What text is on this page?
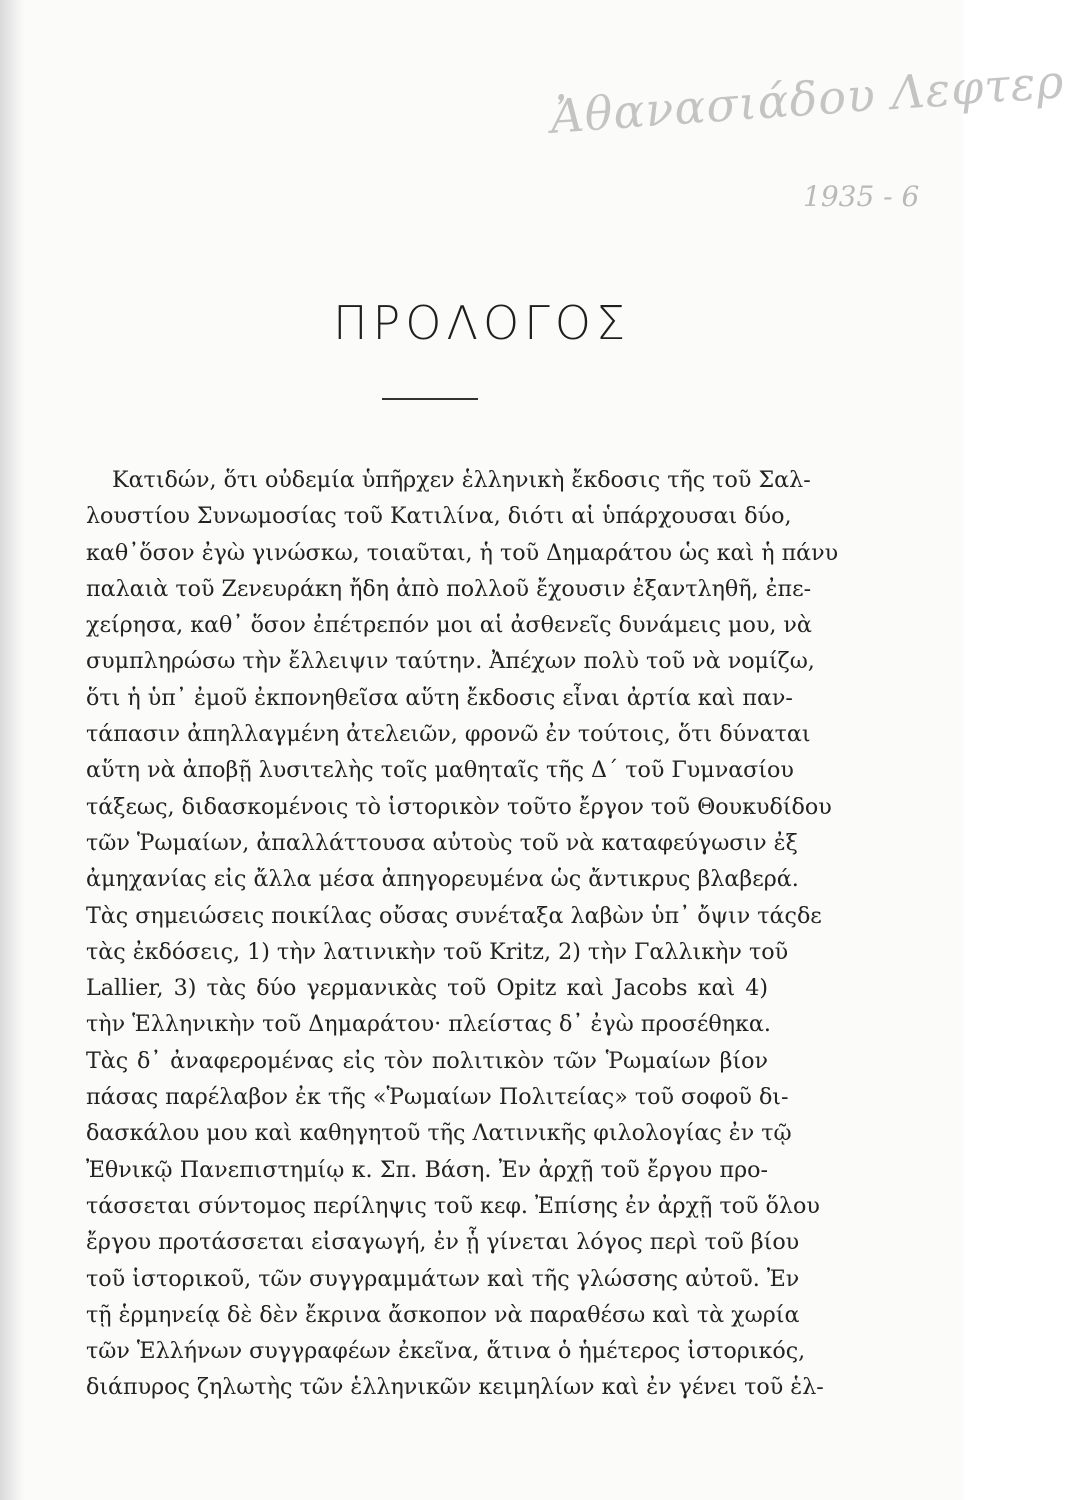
Ἀθανασιάδου Λεφτερ
1935 - 6
ΠΡΟΛΟΓΟΣ
Κατιδών, ὅτι οὐδεμία ὑπῆρχεν ἑλληνικὴ ἔκδοσις τῆς τοῦ Σαλ-
λουστίου Συνωμοσίας τοῦ Κατιλίνα, διότι αἱ ὑπάρχουσαι δύο,
καθ᾽ὅσον ἐγὼ γινώσκω, τοιαῦται, ἡ τοῦ Δημαράτου ὡς καὶ ἡ πάνυ
παλαιὰ τοῦ Ζενευράκη ἤδη ἀπὸ πολλοῦ ἔχουσιν ἐξαντληθῆ, ἐπε-
χείρησα, καθ᾽ ὅσον ἐπέτρεπόν μοι αἱ ἀσθενεῖς δυνάμεις μου, νὰ
συμπληρώσω τὴν ἔλλειψιν ταύτην. Ἀπέχων πολὺ τοῦ νὰ νομίζω,
ὅτι ἡ ὑπ᾽ ἐμοῦ ἐκπονηθεῖσα αὕτη ἔκδοσις εἶναι ἀρτία καὶ παν-
τάπασιν ἀπηλλαγμένη ἀτελειῶν, φρονῶ ἐν τούτοις, ὅτι δύναται
αὕτη νὰ ἀποβῇ λυσιτελὴς τοῖς μαθηταῖς τῆς Δ´ τοῦ Γυμνασίου
τάξεως, διδασκομένοις τὸ ἱστορικὸν τοῦτο ἔργον τοῦ Θουκυδίδου
τῶν Ῥωμαίων, ἀπαλλάττουσα αὐτοὺς τοῦ νὰ καταφεύγωσιν ἐξ
ἀμηχανίας εἰς ἄλλα μέσα ἀπηγορευμένα ὡς ἄντικρυς βλαβερά.
Τὰς σημειώσεις ποικίλας οὔσας συνέταξα λαβὼν ὑπ᾽ ὄψιν τάςδε
τὰς ἐκδόσεις, 1) τὴν λατινικὴν τοῦ Kritz, 2) τὴν Γαλλικὴν τοῦ
Lallier, 3) τὰς δύο γερμανικὰς τοῦ Opitz καὶ Jacobs καὶ 4)
τὴν Ἑλληνικὴν τοῦ Δημαράτου· πλείστας δ᾽ ἐγὼ προσέθηκα.
Τὰς δ᾽ ἀναφερομένας εἰς τὸν πολιτικὸν τῶν Ῥωμαίων βίον
πάσας παρέλαβον ἐκ τῆς «Ῥωμαίων Πολιτείας» τοῦ σοφοῦ δι-
δασκάλου μου καὶ καθηγητοῦ τῆς Λατινικῆς φιλολογίας ἐν τῷ
Ἐθνικῷ Πανεπιστημίῳ κ. Σπ. Βάση. Ἐν ἀρχῇ τοῦ ἔργου προ-
τάσσεται σύντομος περίληψις τοῦ κεφ. Ἐπίσης ἐν ἀρχῇ τοῦ ὅλου
ἔργου προτάσσεται εἰσαγωγή, ἐν ᾗ γίνεται λόγος περὶ τοῦ βίου
τοῦ ἱστορικοῦ, τῶν συγγραμμάτων καὶ τῆς γλώσσης αὐτοῦ. Ἐν
τῇ ἑρμηνείᾳ δὲ δὲν ἔκρινα ἄσκοπον νὰ παραθέσω καὶ τὰ χωρία
τῶν Ἑλλήνων συγγραφέων ἐκεῖνα, ἅτινα ὁ ἡμέτερος ἱστορικός,
διάπυρος ζηλωτὴς τῶν ἑλληνικῶν κειμηλίων καὶ ἐν γένει τοῦ ἑλ-
